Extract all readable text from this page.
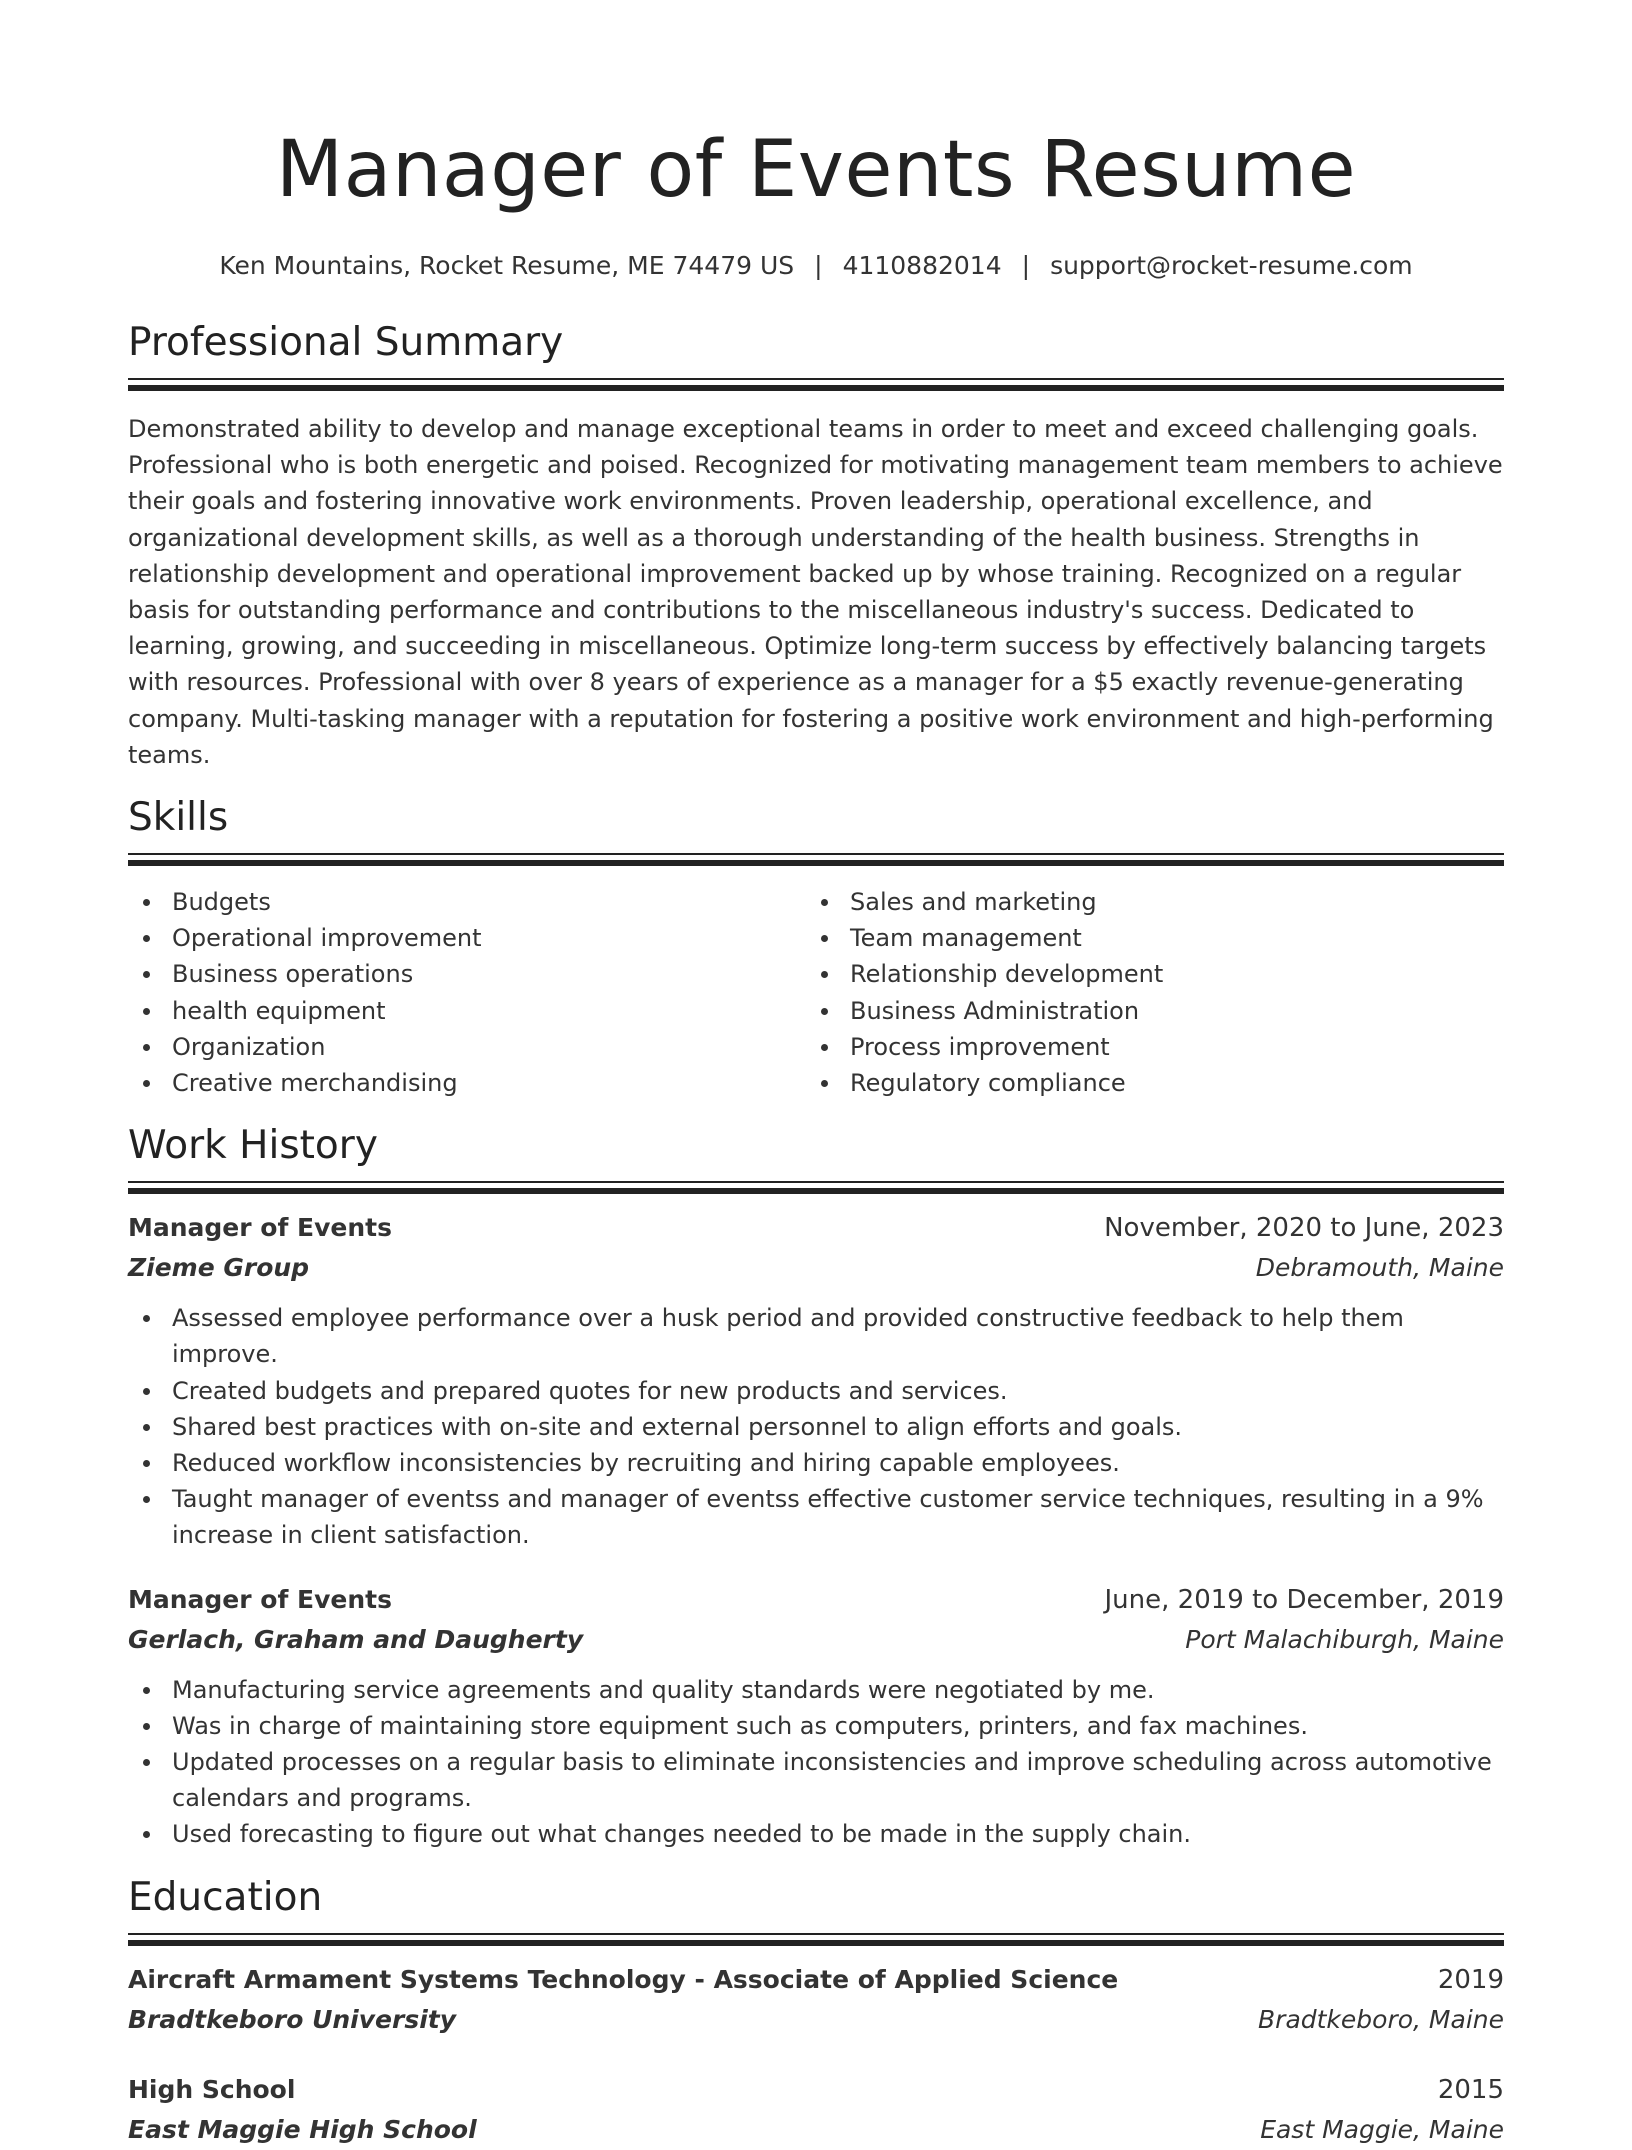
Manager of Events Resume
Ken Mountains, Rocket Resume, ME 74479 US | 4110882014 | support@rocket-resume.com
Professional Summary

Demonstrated ability to develop and manage exceptional teams in order to meet and exceed challenging goals. Professional who is both energetic and poised. Recognized for motivating management team members to achieve their goals and fostering innovative work environments. Proven leadership, operational excellence, and organizational development skills, as well as a thorough understanding of the health business. Strengths in relationship development and operational improvement backed up by whose training. Recognized on a regular basis for outstanding performance and contributions to the miscellaneous industry's success. Dedicated to learning, growing, and succeeding in miscellaneous. Optimize long-term success by effectively balancing targets with resources. Professional with over 8 years of experience as a manager for a $5 exactly revenue-generating company. Multi-tasking manager with a reputation for fostering a positive work environment and high-performing teams.

Skills
Budgets
Operational improvement
Business operations
health equipment
Organization
Creative merchandising
Sales and marketing
Team management
Relationship development
Business Administration
Process improvement
Regulatory compliance
Work History
Manager of Events	November, 2020 to June, 2023
Zieme Group	Debramouth, Maine
Assessed employee performance over a husk period and provided constructive feedback to help them improve.
Created budgets and prepared quotes for new products and services.
Shared best practices with on-site and external personnel to align efforts and goals.
Reduced workflow inconsistencies by recruiting and hiring capable employees.
Taught manager of eventss and manager of eventss effective customer service techniques, resulting in a 9% increase in client satisfaction.
Manager of Events	June, 2019 to December, 2019
Gerlach, Graham and Daugherty	Port Malachiburgh, Maine
Manufacturing service agreements and quality standards were negotiated by me.
Was in charge of maintaining store equipment such as computers, printers, and fax machines.
Updated processes on a regular basis to eliminate inconsistencies and improve scheduling across automotive calendars and programs.
Used forecasting to figure out what changes needed to be made in the supply chain.
Education
Aircraft Armament Systems Technology - Associate of Applied Science	2019
Bradtkeboro University	Bradtkeboro, Maine
High School	2015
East Maggie High School	East Maggie, Maine
